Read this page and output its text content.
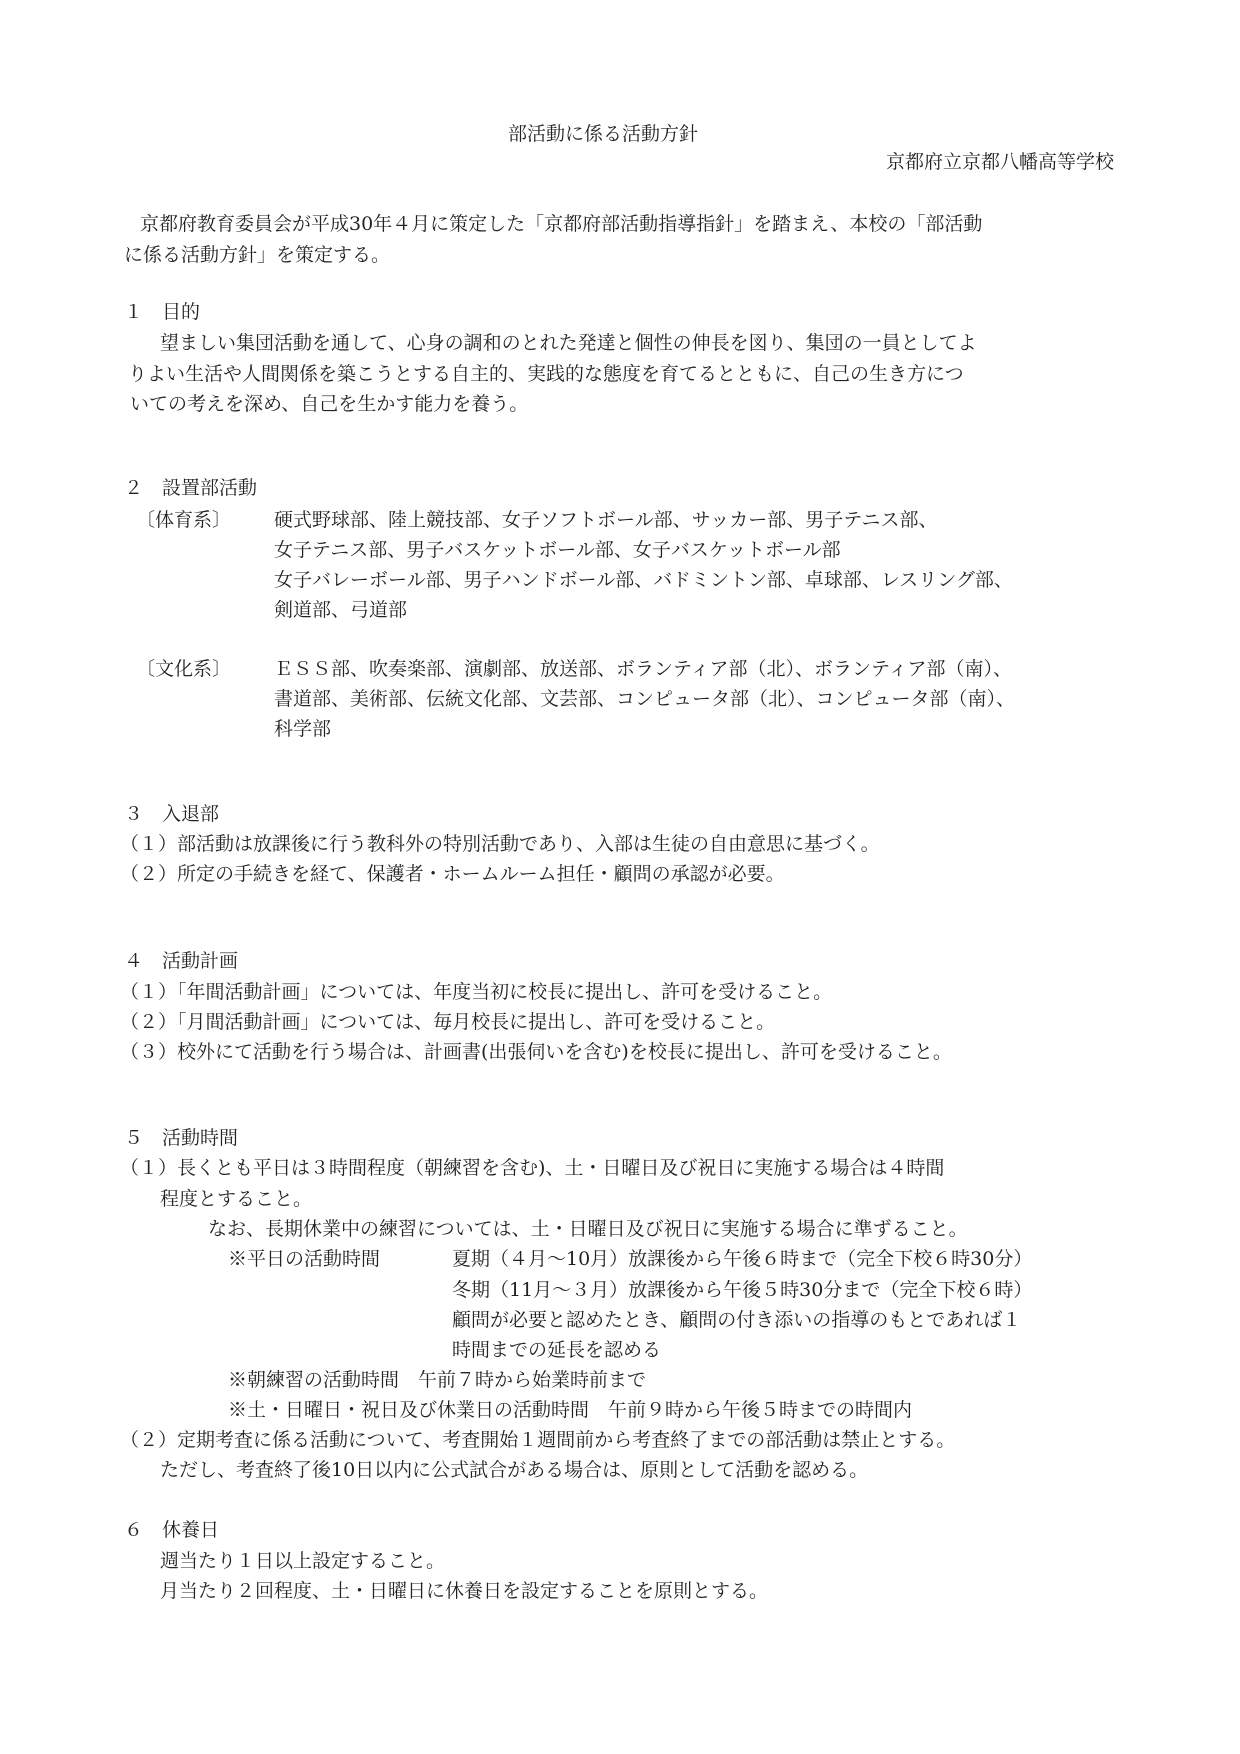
部活動に係る活動方針
京都府立京都八幡高等学校
京都府教育委員会が平成30年４月に策定した「京都府部活動指導指針」を踏まえ、本校の「部活動
に係る活動方針」を策定する。
１ 目的
望ましい集団活動を通して、心身の調和のとれた発達と個性の伸長を図り、集団の一員としてよ
りよい生活や人間関係を築こうとする自主的、実践的な態度を育てるとともに、自己の生き方につ
いての考えを深め、自己を生かす能力を養う。
２ 設置部活動
〔体育系〕 硬式野球部、陸上競技部、女子ソフトボール部、サッカー部、男子テニス部、
女子テニス部、男子バスケットボール部、女子バスケットボール部
女子バレーボール部、男子ハンドボール部、バドミントン部、卓球部、レスリング部、
剣道部、弓道部
〔文化系〕 ＥＳＳ部、吹奏楽部、演劇部、放送部、ボランティア部（北）、ボランティア部（南）、
書道部、美術部、伝統文化部、文芸部、コンピュータ部（北）、コンピュータ部（南）、
科学部
３ 入退部
（１）部活動は放課後に行う教科外の特別活動であり、入部は生徒の自由意思に基づく。
（２）所定の手続きを経て、保護者・ホームルーム担任・顧問の承認が必要。
４ 活動計画
（１）「年間活動計画」については、年度当初に校長に提出し、許可を受けること。
（２）「月間活動計画」については、毎月校長に提出し、許可を受けること。
（３）校外にて活動を行う場合は、計画書(出張伺いを含む)を校長に提出し、許可を受けること。
５ 活動時間
（１）長くとも平日は３時間程度（朝練習を含む)、土・日曜日及び祝日に実施する場合は４時間
程度とすること。
なお、長期休業中の練習については、土・日曜日及び祝日に実施する場合に準ずること。
※平日の活動時間	夏期（４月～10月）放課後から午後６時まで（完全下校６時30分）
冬期（11月～３月）放課後から午後５時30分まで（完全下校６時）
顧問が必要と認めたとき、顧問の付き添いの指導のもとであれば１
時間までの延長を認める
※朝練習の活動時間　午前７時から始業時前まで
※土・日曜日・祝日及び休業日の活動時間　午前９時から午後５時までの時間内
（２）定期考査に係る活動について、考査開始１週間前から考査終了までの部活動は禁止とする。
ただし、考査終了後10日以内に公式試合がある場合は、原則として活動を認める。
６ 休養日
週当たり１日以上設定すること。
月当たり２回程度、土・日曜日に休養日を設定することを原則とする。
